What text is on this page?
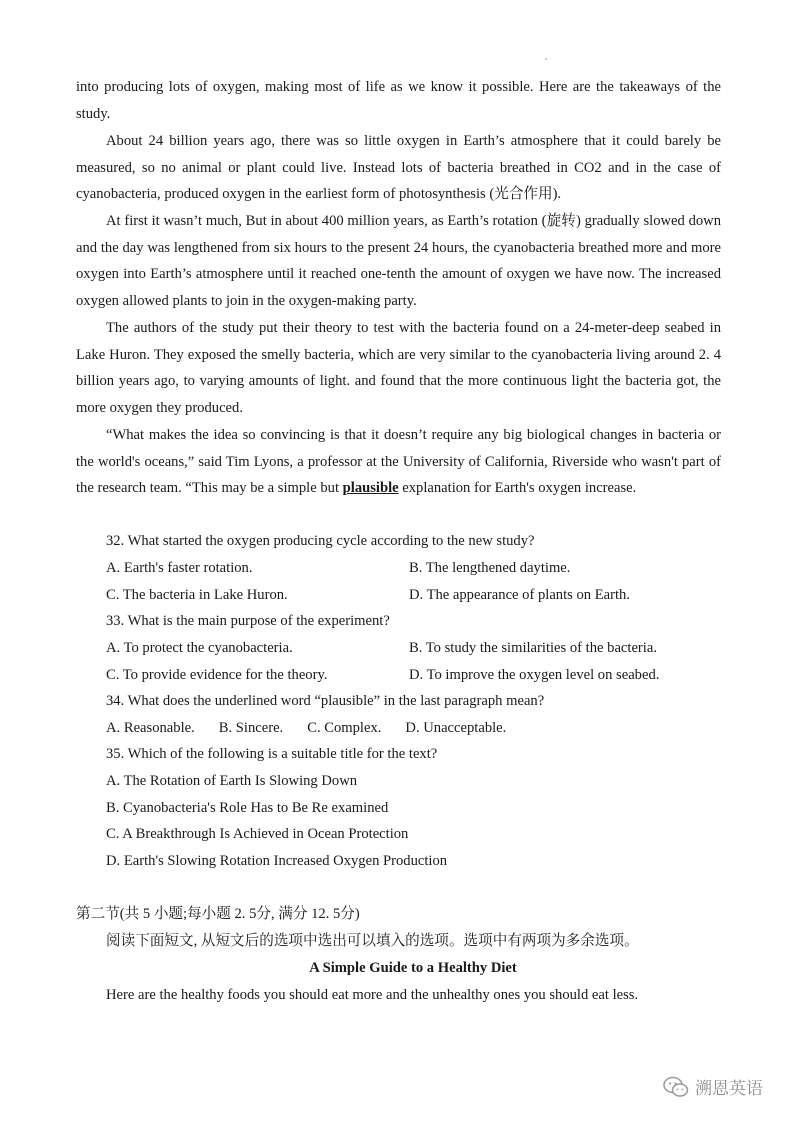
into producing lots of oxygen, making most of life as we know it possible. Here are the takeaways of the study.

About 24 billion years ago, there was so little oxygen in Earth’s atmosphere that it could barely be measured, so no animal or plant could live. Instead lots of bacteria breathed in CO2 and in the case of cyanobacteria, produced oxygen in the earliest form of photosynthesis (光合作用).

At first it wasn’t much, But in about 400 million years, as Earth’s rotation (旋转) gradually slowed down and the day was lengthened from six hours to the present 24 hours, the cyanobacteria breathed more and more oxygen into Earth’s atmosphere until it reached one-tenth the amount of oxygen we have now. The increased oxygen allowed plants to join in the oxygen-making party.

The authors of the study put their theory to test with the bacteria found on a 24-meter-deep seabed in Lake Huron. They exposed the smelly bacteria, which are very similar to the cyanobacteria living around 2. 4 billion years ago, to varying amounts of light. and found that the more continuous light the bacteria got, the more oxygen they produced.

“What makes the idea so convincing is that it doesn’t require any big biological changes in bacteria or the world's oceans,” said Tim Lyons, a professor at the University of California, Riverside who wasn't part of the research team. “This may be a simple but plausible explanation for Earth's oxygen increase.

32. What started the oxygen producing cycle according to the new study?

A. Earth's faster rotation.	B. The lengthened daytime.

C. The bacteria in Lake Huron.	D. The appearance of plants on Earth.

33. What is the main purpose of the experiment?

A. To protect the cyanobacteria.	B. To study the similarities of the bacteria.

C. To provide evidence for the theory.	D. To improve the oxygen level on seabed.

34. What does the underlined word “plausible” in the last paragraph mean?

A. Reasonable. B. Sincere. C. Complex. D. Unacceptable.

35. Which of the following is a suitable title for the text?

A. The Rotation of Earth Is Slowing Down

B. Cyanobacteria's Role Has to Be Re examined

C. A Breakthrough Is Achieved in Ocean Protection

D. Earth's Slowing Rotation Increased Oxygen Production

第二节(共 5 小题;每小题 2. 5分, 满分 12. 5分)

阅读下面短文, 从短文后的选项中选出可以填入的选项。选项中有两项为多余选项。

A Simple Guide to a Healthy Diet

Here are the healthy foods you should eat more and the unhealthy ones you should eat less.

溯恩英语
